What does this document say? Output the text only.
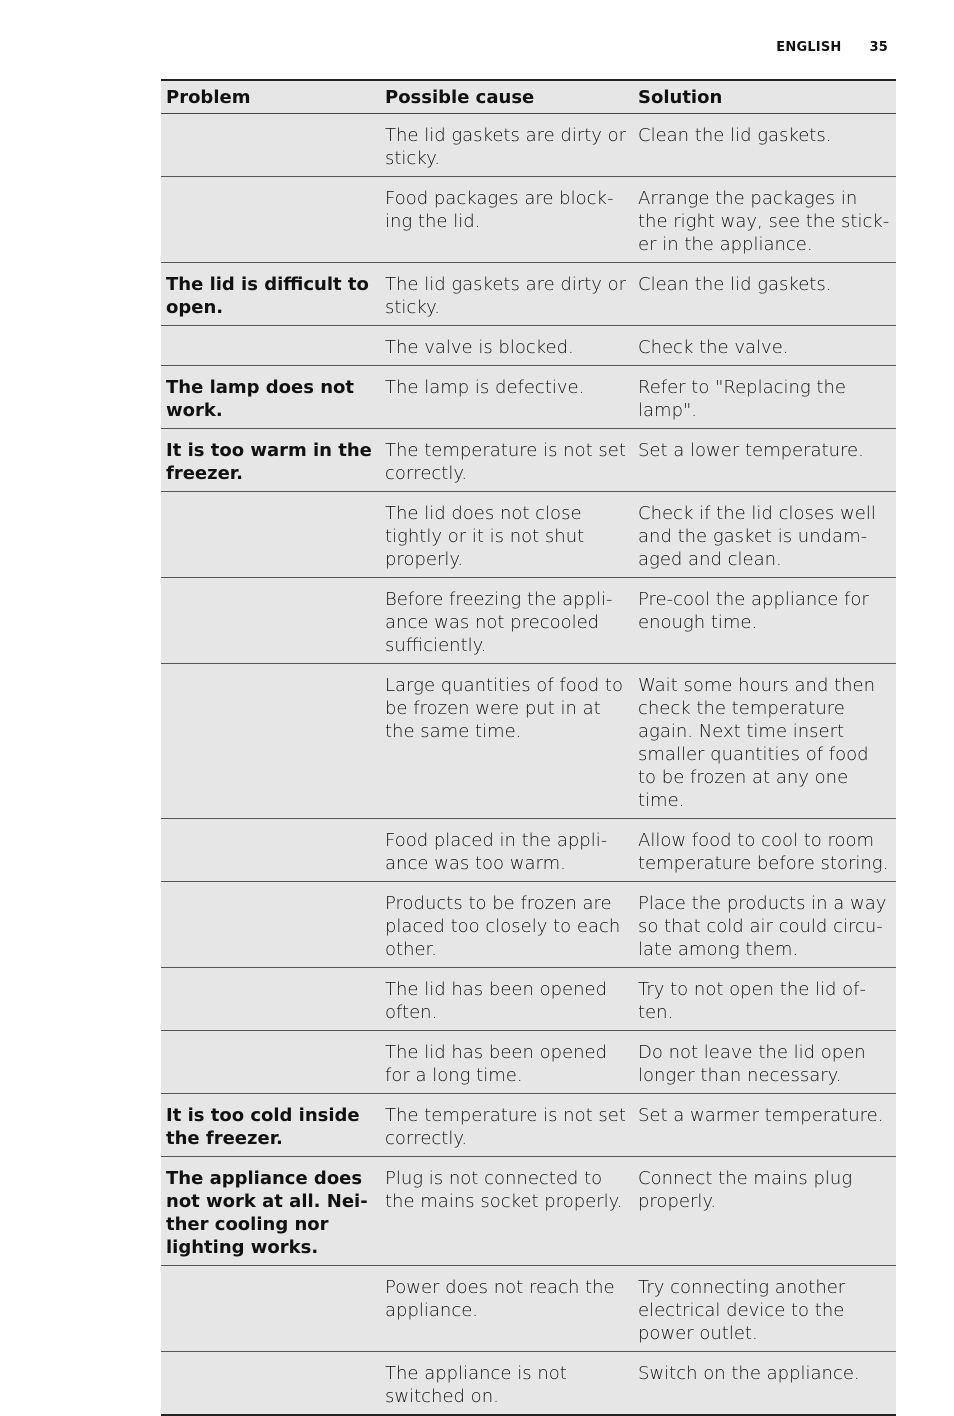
ENGLISH 35
Problem	Possible cause	Solution
	The lid gaskets are dirty or sticky.	Clean the lid gaskets.
	Food packages are block-ing the lid.	Arrange the packages in the right way, see the stick-er in the appliance.
The lid is difficult to open.	The lid gaskets are dirty or sticky.	Clean the lid gaskets.
	The valve is blocked.	Check the valve.
The lamp does not work.	The lamp is defective.	Refer to "Replacing the lamp".
It is too warm in the freezer.	The temperature is not set correctly.	Set a lower temperature.
	The lid does not close tightly or it is not shut properly.	Check if the lid closes well and the gasket is undam-aged and clean.
	Before freezing the appli-ance was not precooled sufficiently.	Pre-cool the appliance for enough time.
	Large quantities of food to be frozen were put in at the same time.	Wait some hours and then check the temperature again. Next time insert smaller quantities of food to be frozen at any one time.
	Food placed in the appli-ance was too warm.	Allow food to cool to room temperature before storing.
	Products to be frozen are placed too closely to each other.	Place the products in a way so that cold air could circu-late among them.
	The lid has been opened often.	Try to not open the lid of-ten.
	The lid has been opened for a long time.	Do not leave the lid open longer than necessary.
It is too cold inside the freezer.	The temperature is not set correctly.	Set a warmer temperature.
The appliance does not work at all. Nei-ther cooling nor lighting works.	Plug is not connected to the mains socket properly.	Connect the mains plug properly.
	Power does not reach the appliance.	Try connecting another electrical device to the power outlet.
	The appliance is not switched on.	Switch on the appliance.
